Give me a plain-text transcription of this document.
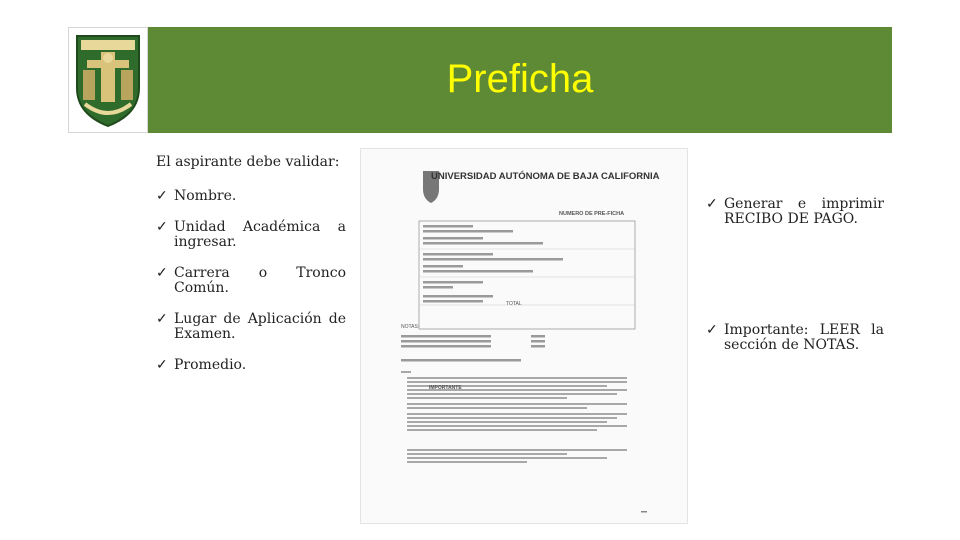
Preficha

El aspirante debe validar:

✓ Nombre.
✓ Unidad Académica a ingresar.
✓ Carrera o Tronco Común.
✓ Lugar de Aplicación de Examen.
✓ Promedio.
UNIVERSIDAD AUTÓNOMA DE BAJA CALIFORNIA
NUMERO DE PRE-FICHA
TOTAL
NOTAS:
IMPORTANTE
✓ Generar e imprimir RECIBO DE PAGO.
✓ Importante: LEER la sección de NOTAS.
